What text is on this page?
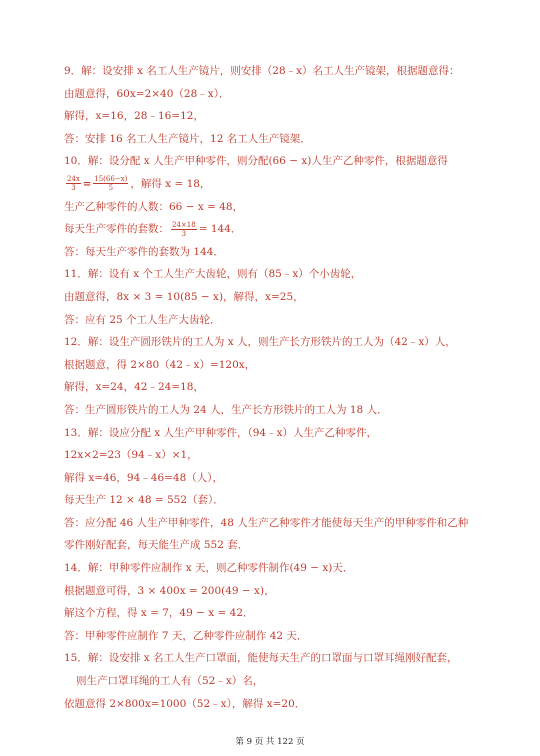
9．解：设安排 x 名工人生产镜片，则安排（28﹣x）名工人生产镜架，根据题意得：
由题意得，60x=2×40（28﹣x）．
解得，x=16，28﹣16=12，
答：安排 16 名工人生产镜片，12 名工人生产镜架．
10．解：设分配 x 人生产甲种零件，则分配(66 − x)人生产乙种零件，根据题意得
$\frac{24x}{3} = \frac{15(66-x)}{5}$ ，解得 x = 18，
生产乙种零件的人数：66 − x = 48，
每天生产零件的套数： $\frac{24\times 18}{3} = 144$．
答：每天生产零件的套数为 144．
11．解：设有 x 个工人生产大齿轮，则有（85﹣x）个小齿轮，
由题意得，8x × 3 = 10(85 − x)，解得，x=25，
答：应有 25 个工人生产大齿轮．
12．解：设生产圆形铁片的工人为 x 人，则生产长方形铁片的工人为（42﹣x）人，
根据题意，得 2×80（42﹣x）=120x，
解得，x=24，42﹣24=18，
答：生产圆形铁片的工人为 24 人，生产长方形铁片的工人为 18 人．
13．解：设应分配 x 人生产甲种零件，（94﹣x）人生产乙种零件，
12x×2=23（94﹣x）×1，
解得 x=46，94﹣46=48（人），
每天生产 12 × 48 = 552（套）．
答：应分配 46 人生产甲种零件，48 人生产乙种零件才能使每天生产的甲种零件和乙种
零件刚好配套，每天能生产成 552 套．
14．解：甲种零件应制作 x 天，则乙种零件制作(49 − x)天．
根据题意可得，3 × 400x = 200(49 − x)，
解这个方程，得 x = 7，49 − x = 42．
答：甲种零件应制作 7 天，乙种零件应制作 42 天．
15．解：设安排 x 名工人生产口罩面，能使每天生产的口罩面与口罩耳绳刚好配套，
则生产口罩耳绳的工人有（52﹣x）名，
依题意得 2×800x=1000（52﹣x），解得 x=20．
第 9 页 共 122 页
